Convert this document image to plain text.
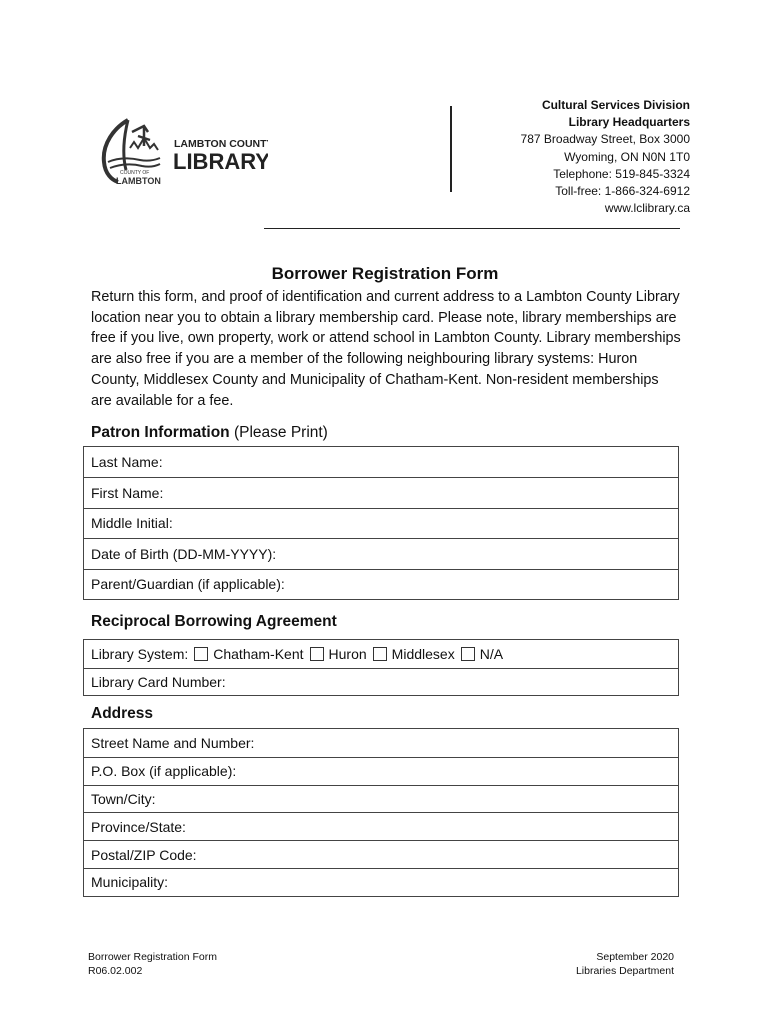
COUNTY OF
LAMBTON
LAMBTON COUNTY
LIBRARY
Cultural Services Division
Library Headquarters
787 Broadway Street, Box 3000
Wyoming, ON N0N 1T0
Telephone: 519-845-3324
Toll-free: 1-866-324-6912
www.lclibrary.ca
Borrower Registration Form
Return this form, and proof of identification and current address to a Lambton County Library location near you to obtain a library membership card. Please note, library memberships are free if you live, own property, work or attend school in Lambton County. Library memberships are also free if you are a member of the following neighbouring library systems: Huron County, Middlesex County and Municipality of Chatham-Kent. Non-resident memberships are available for a fee.
Patron Information (Please Print)
Last Name:
First Name:
Middle Initial:
Date of Birth (DD-MM-YYYY):
Parent/Guardian (if applicable):
Reciprocal Borrowing Agreement
Library System: Chatham-Kent Huron Middlesex N/A
Library Card Number:
Address
Street Name and Number:
P.O. Box (if applicable):
Town/City:
Province/State:
Postal/ZIP Code:
Municipality:
Borrower Registration Form
R06.02.002
September 2020
Libraries Department
